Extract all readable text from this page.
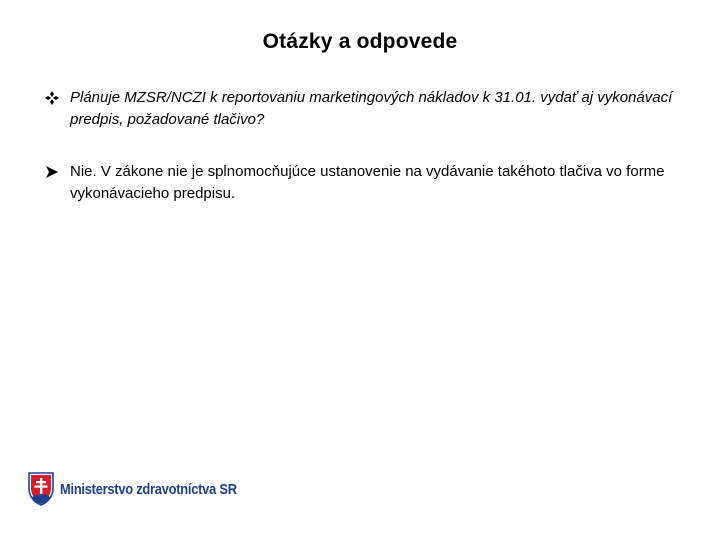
Otázky a odpovede
Plánuje MZSR/NCZI k reportovaniu marketingových nákladov k 31.01. vydať aj vykonávací predpis, požadované tlačivo?
Nie. V zákone nie je splnomocňujúce ustanovenie na vydávanie takéhoto tlačiva vo forme vykonávacieho predpisu.
Ministerstvo zdravotníctva SR
